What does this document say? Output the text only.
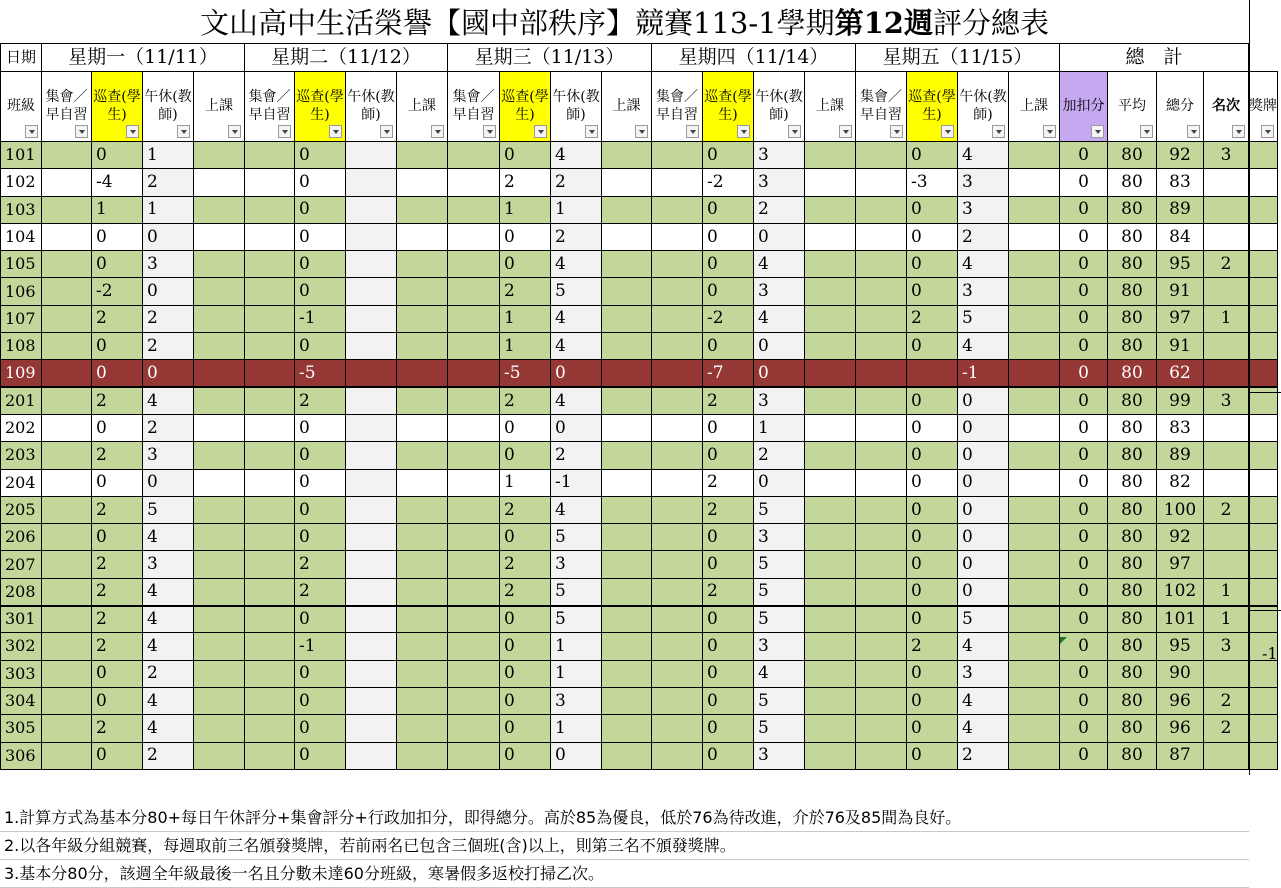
文山高中生活榮譽【國中部秩序】競賽113-1學期 第12週 評分總表
日期	星期一（11/11）				星期二（11/12）				星期三（11/13）				星期四（11/14）				星期五（11/15）				總　計				

班級	集會／早自習	巡查(學生)	午休(教師)	上課	集會／早自習	巡查(學生)	午休(教師)	上課	集會／早自習	巡查(學生)	午休(教師)	上課	集會／早自習	巡查(學生)	午休(教師)	上課	集會／早自習	巡查(學生)	午休(教師)	上課	加扣分	平均	總分	名次	獎牌

101		0	1			0				0	4			0	3			0	4		0	80	92	3	
102		-4	2			0				2	2			-2	3			-3	3		0	80	83		
103		1	1			0				1	1			0	2			0	3		0	80	89		
104		0	0			0				0	2			0	0			0	2		0	80	84		
105		0	3			0				0	4			0	4			0	4		0	80	95	2	
106		-2	0			0				2	5			0	3			0	3		0	80	91		
107		2	2			-1				1	4			-2	4			2	5		0	80	97	1	
108		0	2			0				1	4			0	0			0	4		0	80	91		
109		0	0			-5				-5	0			-7	0				-1		0	80	62		
201		2	4			2				2	4			2	3			0	0		0	80	99	3	
202		0	2			0				0	0			0	1			0	0		0	80	83		
203		2	3			0				0	2			0	2			0	0		0	80	89		
204		0	0			0				1	-1			2	0			0	0		0	80	82		
205		2	5			0				2	4			2	5			0	0		0	80	100	2	
206		0	4			0				0	5			0	3			0	0		0	80	92		
207		2	3			2				2	3			0	5			0	0		0	80	97		
208		2	4			2				2	5			2	5			0	0		0	80	102	1	
301		2	4			0				0	5			0	5			0	5		0	80	101	1	
302		2	4			-1				0	1			0	3			2	4		0	80	95	3	
303		0	2			0				0	1			0	4			0	3		0	80	90		
304		0	4			0				0	3			0	5			0	4		0	80	96	2	
305		2	4			0				0	1			0	5			0	4		0	80	96	2	
306		0	2			0				0	0			0	3			0	2		0	80	87		
-1
1.計算方式為基本分80+每日午休評分+集會評分+行政加扣分，即得總分。高於85為優良，低於76為待改進，介於76及85間為良好。
2.以各年級分組競賽，每週取前三名頒發獎牌，若前兩名已包含三個班(含)以上，則第三名不頒發獎牌。
3.基本分80分，該週全年級最後一名且分數未達60分班級，寒暑假多返校打掃乙次。
